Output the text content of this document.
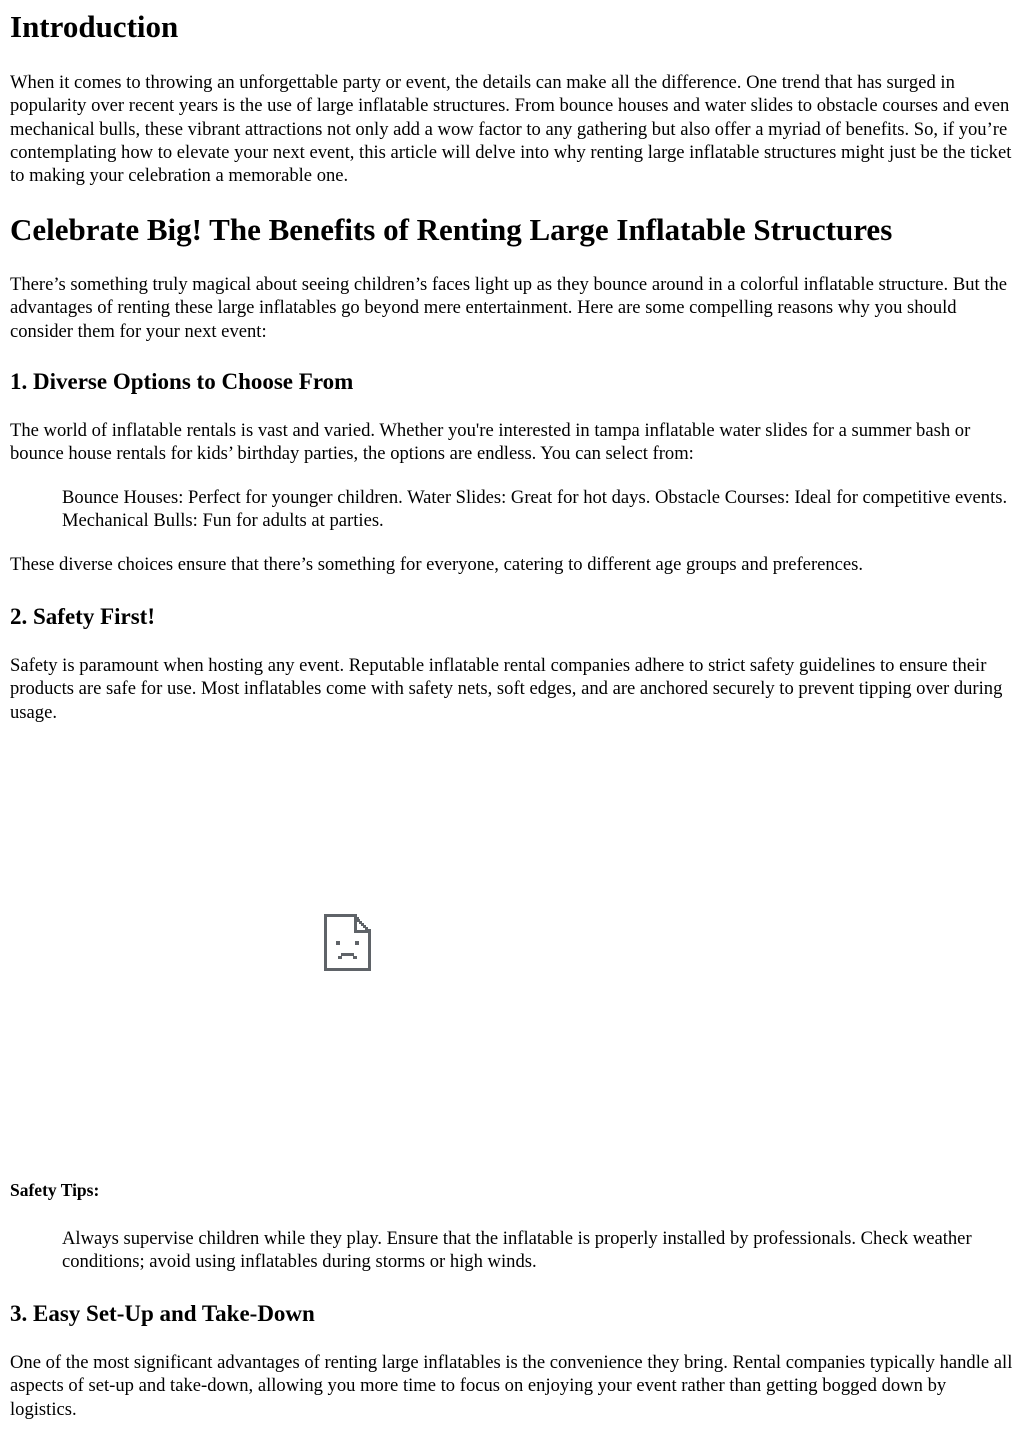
Introduction

When it comes to throwing an unforgettable party or event, the details can make all the difference. One trend that has surged in popularity over recent years is the use of large inflatable structures. From bounce houses and water slides to obstacle courses and even mechanical bulls, these vibrant attractions not only add a wow factor to any gathering but also offer a myriad of benefits. So, if you’re contemplating how to elevate your next event, this article will delve into why renting large inflatable structures might just be the ticket to making your celebration a memorable one.

Celebrate Big! The Benefits of Renting Large Inflatable Structures

There’s something truly magical about seeing children’s faces light up as they bounce around in a colorful inflatable structure. But the advantages of renting these large inflatables go beyond mere entertainment. Here are some compelling reasons why you should consider them for your next event:

1. Diverse Options to Choose From

The world of inflatable rentals is vast and varied. Whether you're interested in tampa inflatable water slides for a summer bash or bounce house rentals for kids’ birthday parties, the options are endless. You can select from:

Bounce Houses: Perfect for younger children. Water Slides: Great for hot days. Obstacle Courses: Ideal for competitive events. Mechanical Bulls: Fun for adults at parties.

These diverse choices ensure that there’s something for everyone, catering to different age groups and preferences.

2. Safety First!

Safety is paramount when hosting any event. Reputable inflatable rental companies adhere to strict safety guidelines to ensure their products are safe for use. Most inflatables come with safety nets, soft edges, and are anchored securely to prevent tipping over during usage.

Safety Tips:
Always supervise children while they play. Ensure that the inflatable is properly installed by professionals. Check weather conditions; avoid using inflatables during storms or high winds.
3. Easy Set-Up and Take-Down

One of the most significant advantages of renting large inflatables is the convenience they bring. Rental companies typically handle all aspects of set-up and take-down, allowing you more time to focus on enjoying your event rather than getting bogged down by logistics.
